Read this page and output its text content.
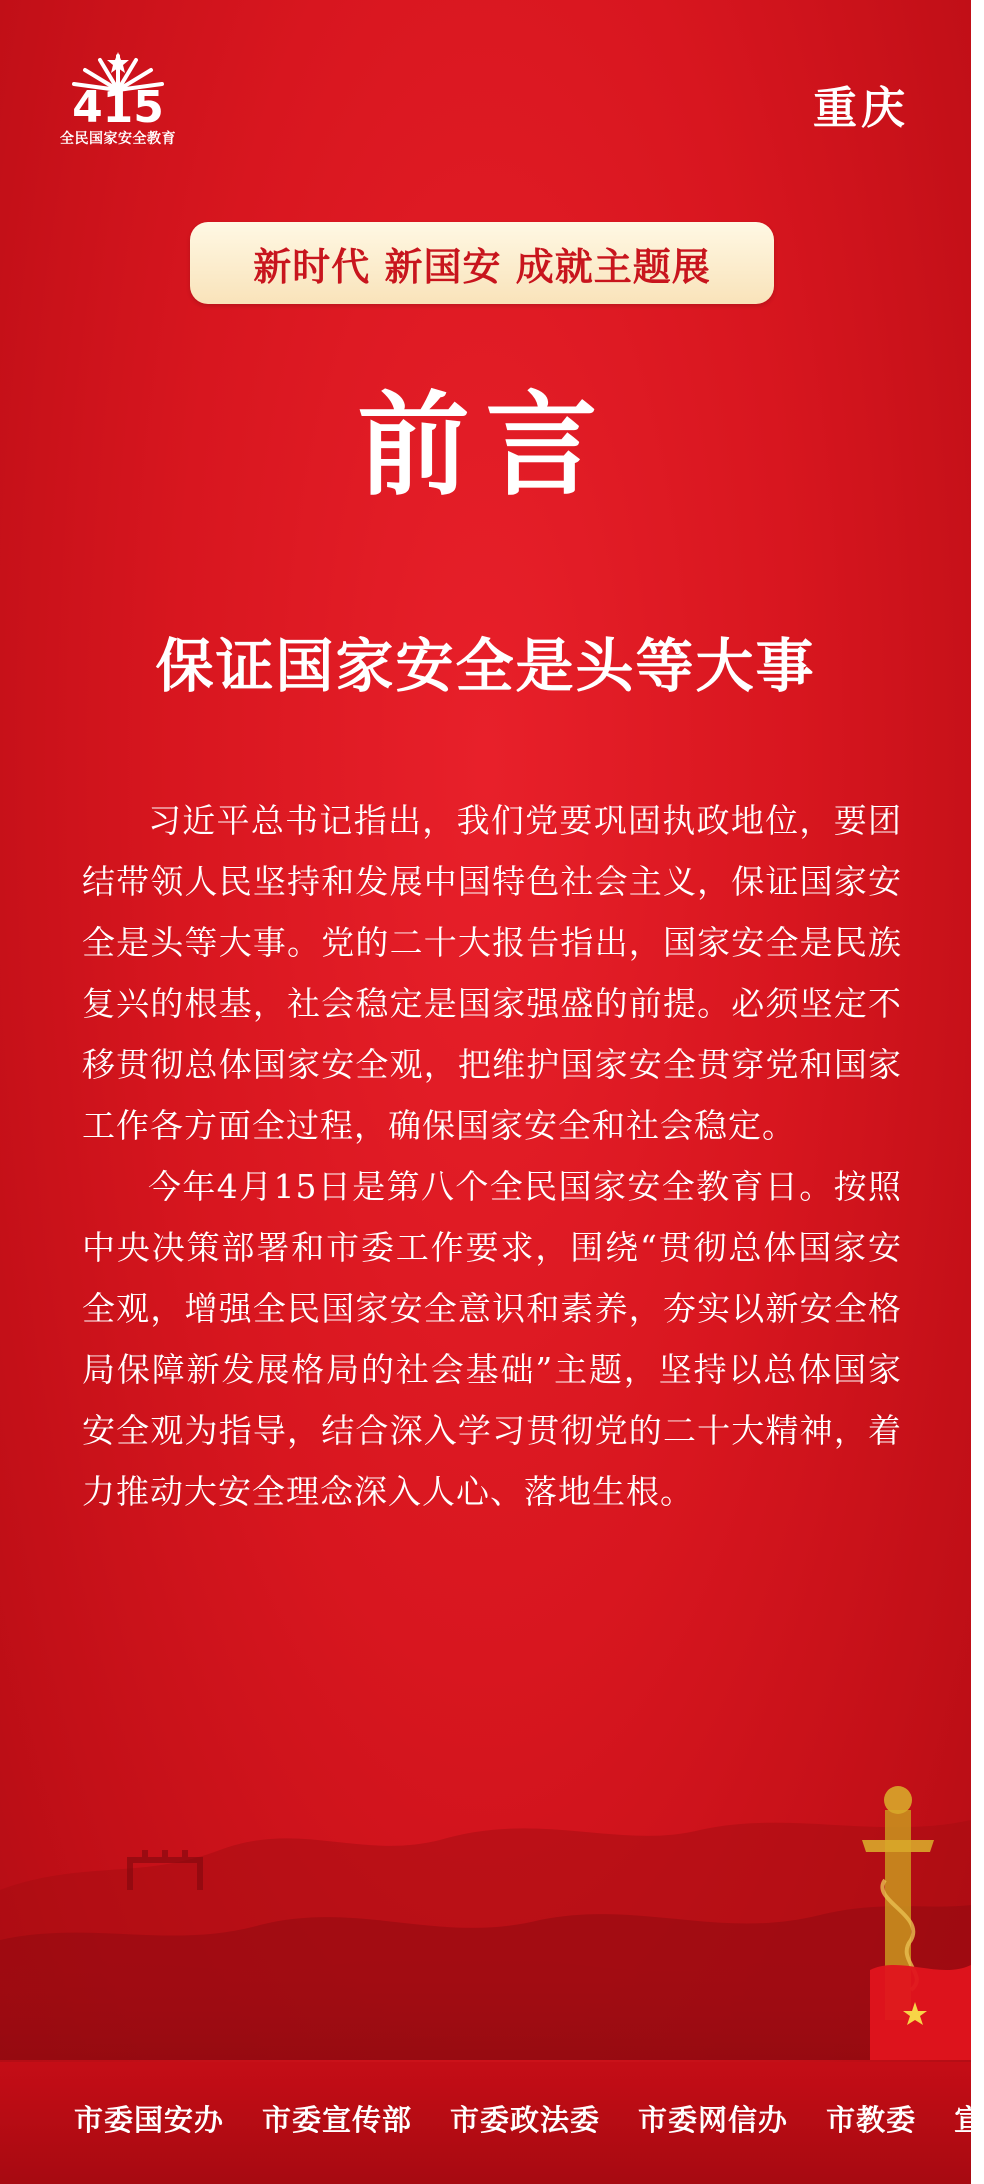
415
全民国家安全教育
重庆
新时代 新国安 成就主题展
前言
保证国家安全是头等大事

习近平总书记指出，我们党要巩固执政地位，要团结带领人民坚持和发展中国特色社会主义，保证国家安全是头等大事。党的二十大报告指出，国家安全是民族复兴的根基，社会稳定是国家强盛的前提。必须坚定不移贯彻总体国家安全观，把维护国家安全贯穿党和国家工作各方面全过程，确保国家安全和社会稳定。

今年4月15日是第八个全民国家安全教育日。按照中央决策部署和市委工作要求，围绕“贯彻总体国家安全观，增强全民国家安全意识和素养，夯实以新安全格局保障新发展格局的社会基础”主题，坚持以总体国家安全观为指导，结合深入学习贯彻党的二十大精神，着力推动大安全理念深入人心、落地生根。

市委国安办 市委宣传部 市委政法委 市委网信办 市教委 宣
